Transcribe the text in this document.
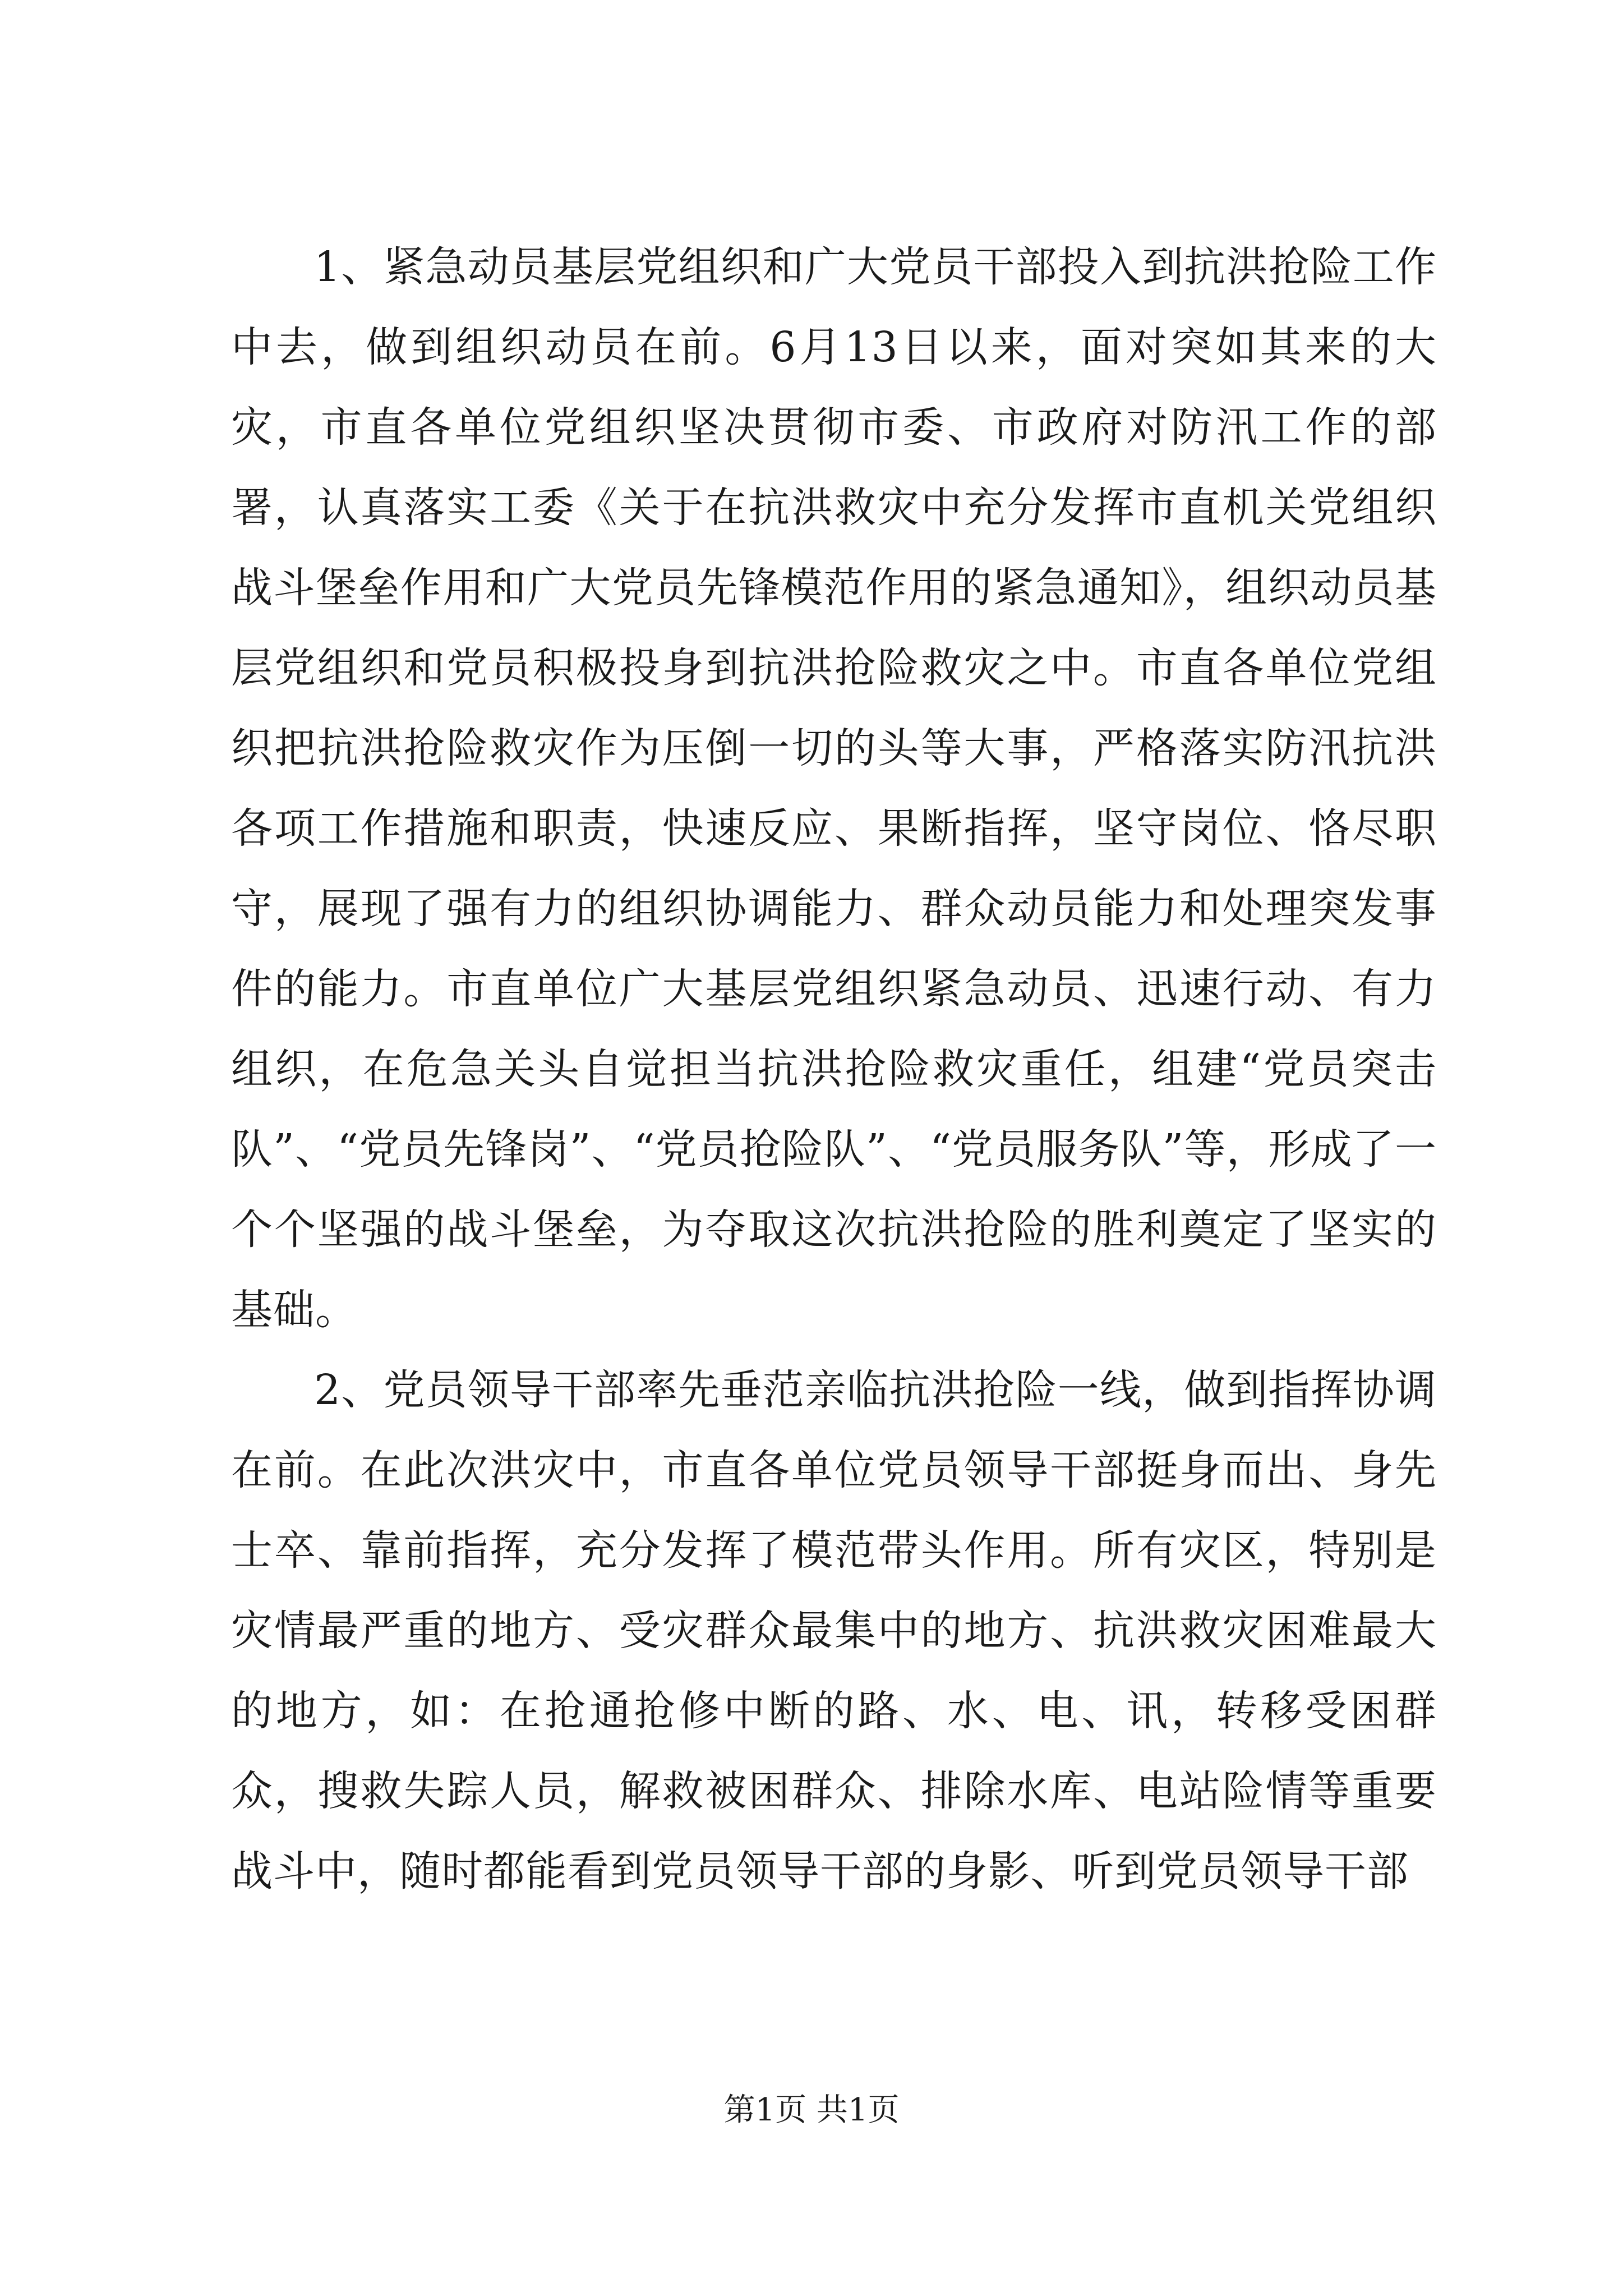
1、紧急动员基层党组织和广大党员干部投入到抗洪抢险工作中去，做到组织动员在前。6月13日以来，面对突如其来的大灾，市直各单位党组织坚决贯彻市委、市政府对防汛工作的部署，认真落实工委《关于在抗洪救灾中充分发挥市直机关党组织战斗堡垒作用和广大党员先锋模范作用的紧急通知》，组织动员基层党组织和党员积极投身到抗洪抢险救灾之中。市直各单位党组织把抗洪抢险救灾作为压倒一切的头等大事，严格落实防汛抗洪各项工作措施和职责，快速反应、果断指挥，坚守岗位、恪尽职守，展现了强有力的组织协调能力、群众动员能力和处理突发事件的能力。市直单位广大基层党组织紧急动员、迅速行动、有力组织，在危急关头自觉担当抗洪抢险救灾重任，组建“党员突击队”、“党员先锋岗”、“党员抢险队”、“党员服务队”等，形成了一个个坚强的战斗堡垒，为夺取这次抗洪抢险的胜利奠定了坚实的基础。

2、党员领导干部率先垂范亲临抗洪抢险一线，做到指挥协调在前。在此次洪灾中，市直各单位党员领导干部挺身而出、身先士卒、靠前指挥，充分发挥了模范带头作用。所有灾区，特别是灾情最严重的地方、受灾群众最集中的地方、抗洪救灾困难最大的地方，如：在抢通抢修中断的路、水、电、讯，转移受困群众，搜救失踪人员，解救被困群众、排除水库、电站险情等重要战斗中，随时都能看到党员领导干部的身影、听到党员领导干部

第1页 共1页
